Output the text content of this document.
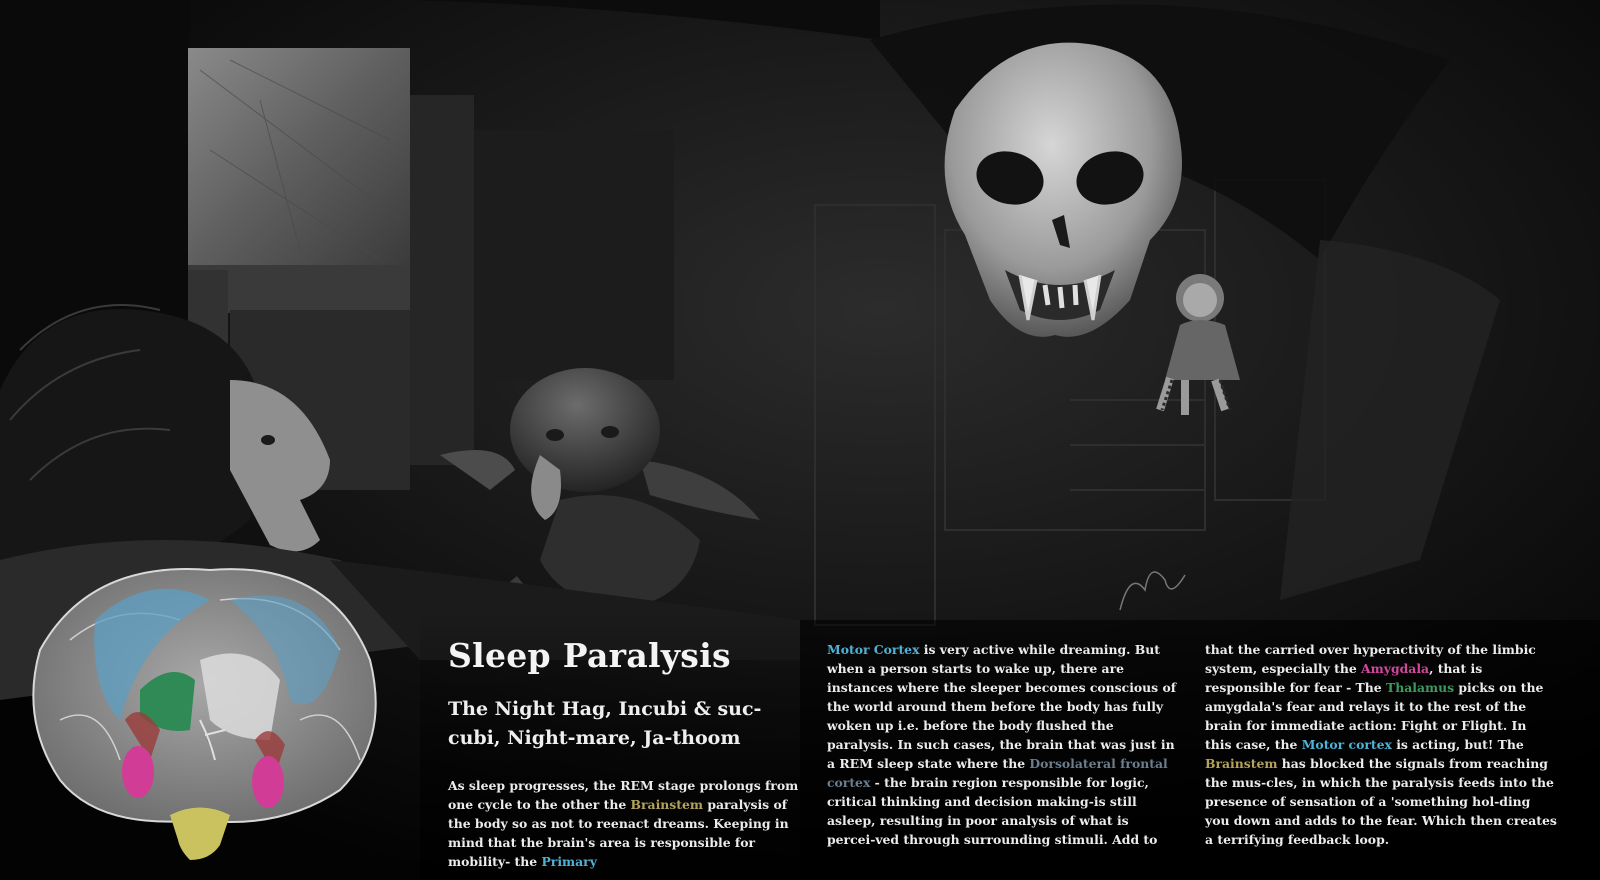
Sleep Paralysis
The Night Hag, Incubi & suc-cubi, Night-mare, Ja-thoom

As sleep progresses, the REM stage prolongs from one cycle to the other the Brainstem paralysis of the body so as not to reenact dreams. Keeping in mind that the brain's area is responsible for mobility- the Primary

Motor Cortex is very active while dreaming. But when a person starts to wake up, there are instances where the sleeper becomes conscious of the world around them before the body has fully woken up i.e. before the body flushed the paralysis. In such cases, the brain that was just in a REM sleep state where the Dorsolateral frontal cortex - the brain region responsible for logic, critical thinking and decision making-is still asleep, resulting in poor analysis of what is percei-ved through surrounding stimuli. Add to

that the carried over hyperactivity of the limbic system, especially the Amygdala, that is responsible for fear - The Thalamus picks on the amygdala's fear and relays it to the rest of the brain for immediate action: Fight or Flight. In this case, the Motor cortex is acting, but! The Brainstem has blocked the signals from reaching the mus-cles, in which the paralysis feeds into the presence of sensation of a 'something hol-ding you down and adds to the fear. Which then creates a terrifying feedback loop.
